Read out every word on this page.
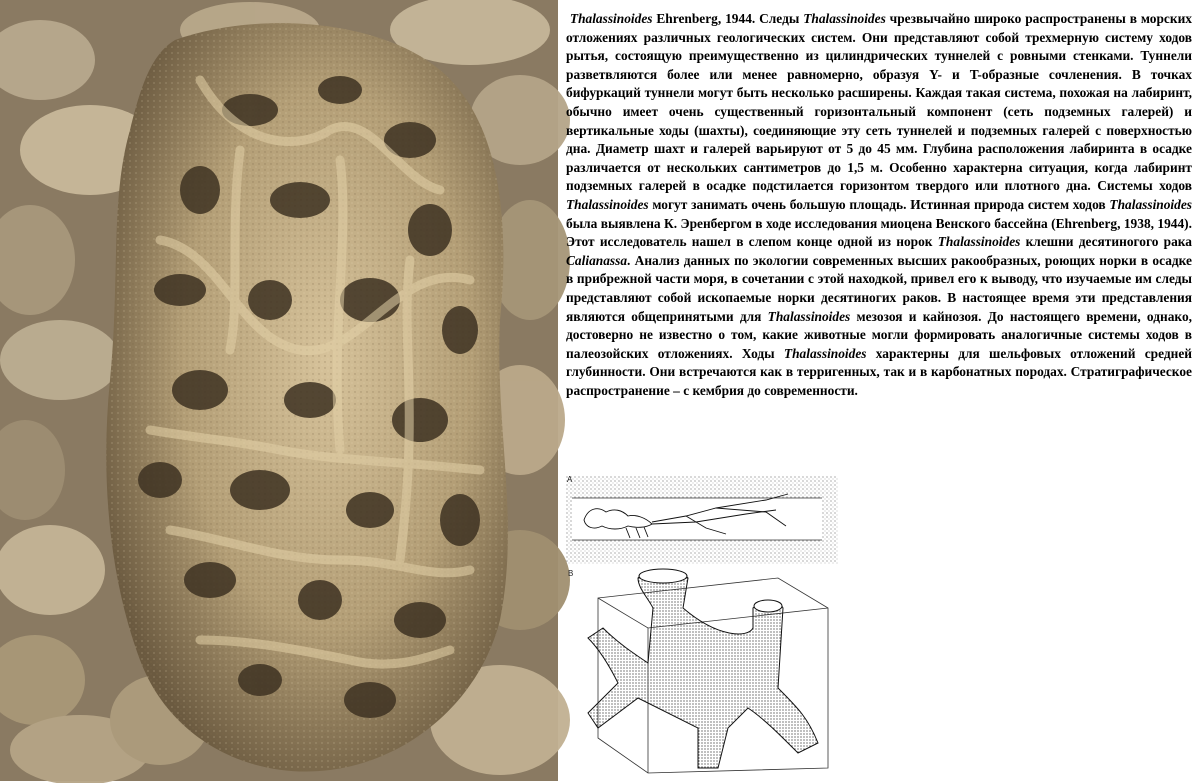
Thalassinoides Ehrenberg, 1944. Следы Thalassinoides чрезвычайно широко распространены в морских отложениях различных геологических систем. Они представляют собой трехмерную систему ходов рытья, состоящую преимущественно из цилиндрических туннелей с ровными стенками. Туннели разветвляются более или менее равномерно, образуя Y- и T-образные сочленения. В точках бифуркаций туннели могут быть несколько расширены. Каждая такая система, похожая на лабиринт, обычно имеет очень существенный горизонтальный компонент (сеть подземных галерей) и вертикальные ходы (шахты), соединяющие эту сеть туннелей и подземных галерей с поверхностью дна. Диаметр шахт и галерей варьируют от 5 до 45 мм. Глубина расположения лабиринта в осадке различается от нескольких сантиметров до 1,5 м. Особенно характерна ситуация, когда лабиринт подземных галерей в осадке подстилается горизонтом твердого или плотного дна. Системы ходов Thalassinoides могут занимать очень большую площадь. Истинная природа систем ходов Thalassinoides была выявлена К. Эренбергом в ходе исследования миоцена Венского бассейна (Ehrenberg, 1938, 1944). Этот исследователь нашел в слепом конце одной из норок Thalassinoides клешни десятиногого рака Calianassa. Анализ данных по экологии современных высших ракообразных, роющих норки в осадке в прибрежной части моря, в сочетании с этой находкой, привел его к выводу, что изучаемые им следы представляют собой ископаемые норки десятиногих раков. В настоящее время эти представления являются общепринятыми для Thalassinoides мезозоя и кайнозоя. До настоящего времени, однако, достоверно не известно о том, какие животные могли формировать аналогичные системы ходов в палеозойских отложениях. Ходы Thalassinoides характерны для шельфовых отложений средней глубинности. Они встречаются как в терригенных, так и в карбонатных породах. Стратиграфическое распространение – с кембрия до современности.

A
B
